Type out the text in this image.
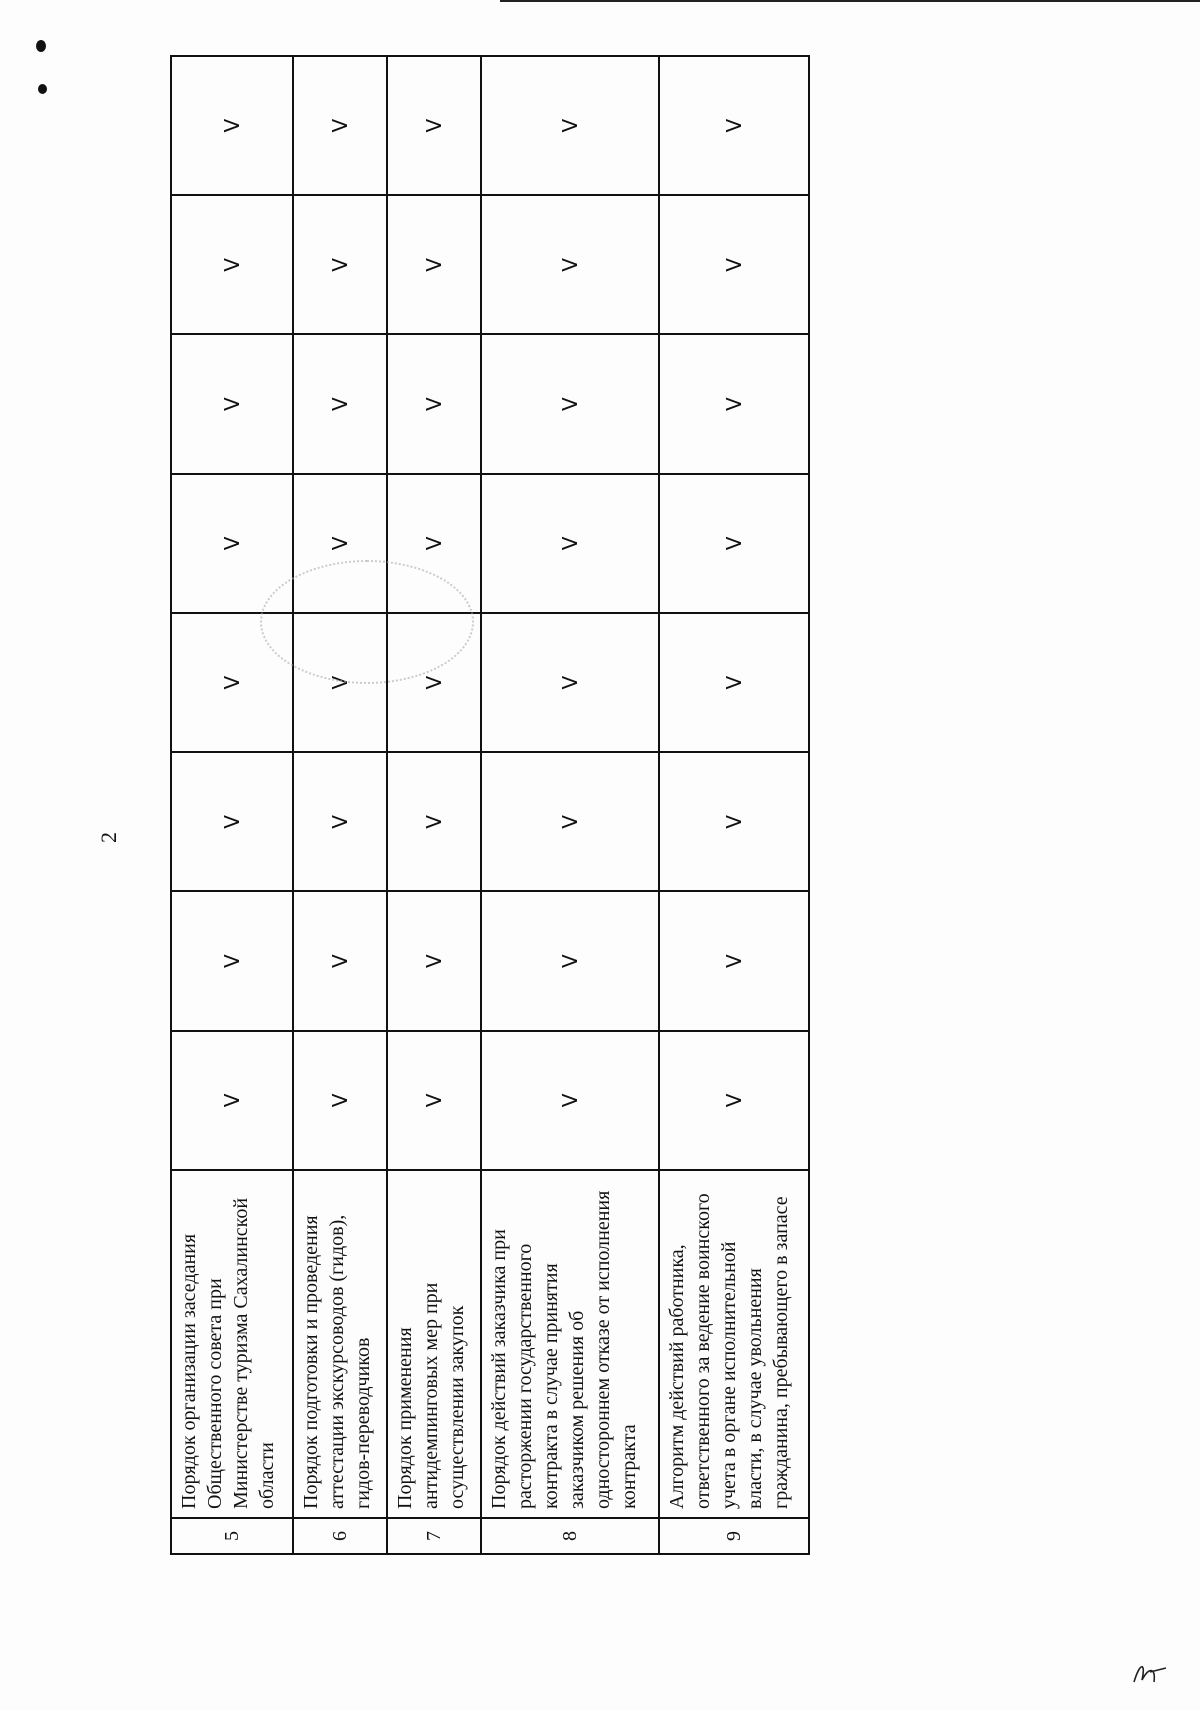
2
5	Порядок организации заседания Общественного совета при Министерстве туризма Сахалинской области	V	V	V	V	V	V	V	V
6	Порядок подготовки и проведения аттестации экскурсоводов (гидов), гидов-переводчиков	V	V	V	V	V	V	V	V
7	Порядок применения антидемпинговых мер при осуществлении закупок	V	V	V	V	V	V	V	V
8	Порядок действий заказчика при расторжении государственного контракта в случае принятия заказчиком решения об одностороннем отказе от исполнения контракта	V	V	V	V	V	V	V	V
9	Алгоритм действий работника, ответственного за ведение воинского учета в органе исполнительной власти, в случае увольнения гражданина, пребывающего в запасе	V	V	V	V	V	V	V	V
